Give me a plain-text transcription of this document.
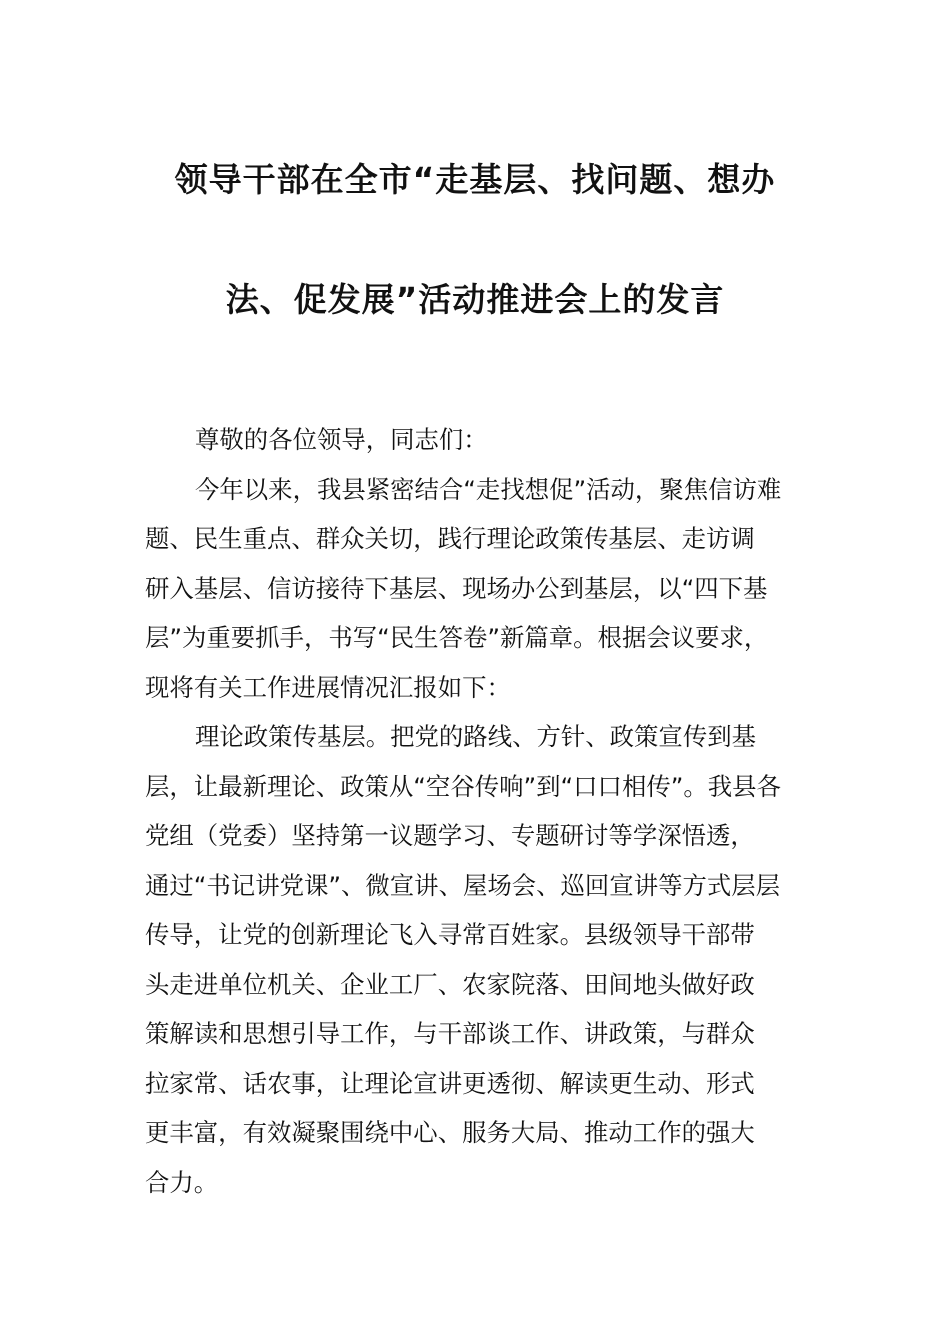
领导干部在全市“走基层、找问题、想办
法、促发展”活动推进会上的发言

尊敬的各位领导，同志们：

今年以来，我县紧密结合“走找想促”活动，聚焦信访难
题、民生重点、群众关切，践行理论政策传基层、走访调
研入基层、信访接待下基层、现场办公到基层，以“四下基
层”为重要抓手，书写“民生答卷”新篇章。根据会议要求，
现将有关工作进展情况汇报如下：

理论政策传基层。把党的路线、方针、政策宣传到基
层，让最新理论、政策从“空谷传响”到“口口相传”。我县各
党组（党委）坚持第一议题学习、专题研讨等学深悟透，
通过“书记讲党课”、微宣讲、屋场会、巡回宣讲等方式层层
传导，让党的创新理论飞入寻常百姓家。县级领导干部带
头走进单位机关、企业工厂、农家院落、田间地头做好政
策解读和思想引导工作，与干部谈工作、讲政策，与群众
拉家常、话农事，让理论宣讲更透彻、解读更生动、形式
更丰富，有效凝聚围绕中心、服务大局、推动工作的强大
合力。
